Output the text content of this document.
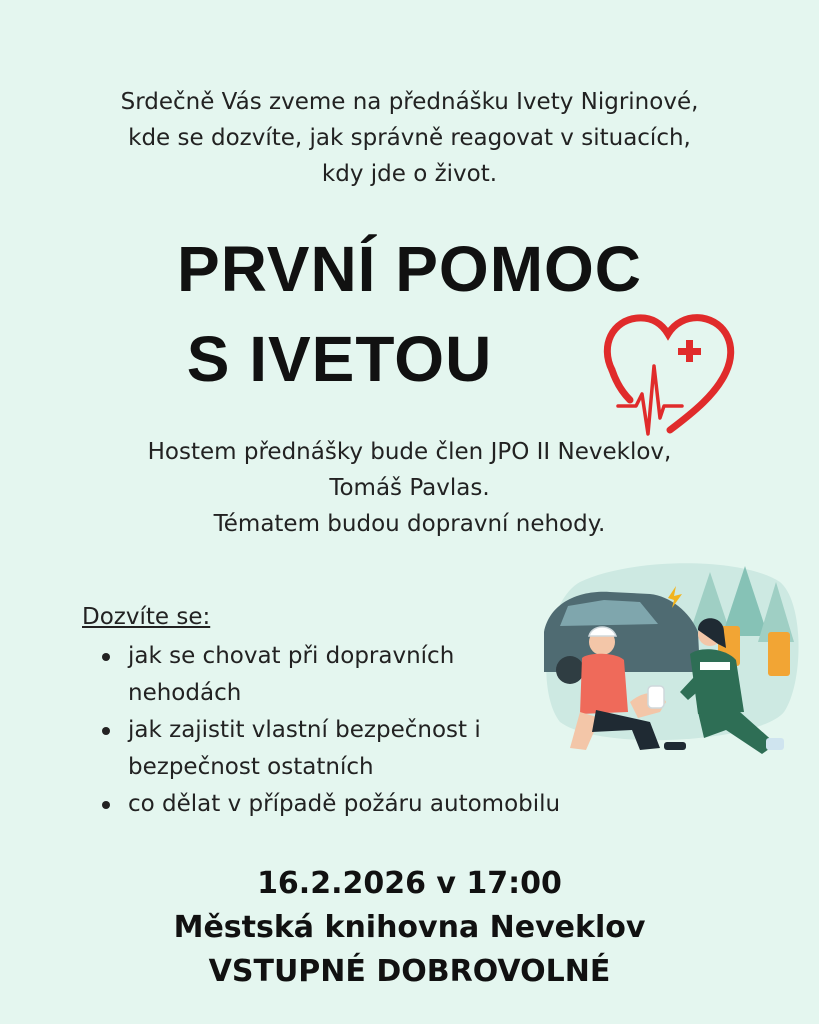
Srdečně Vás zveme na přednášku Ivety Nigrinové,
kde se dozvíte, jak správně reagovat v situacích,
kdy jde o život.
PRVNÍ POMOC
S IVETOU
Hostem přednášky bude člen JPO II Neveklov,
Tomáš Pavlas.
Tématem budou dopravní nehody.
Dozvíte se:
jak se chovat při dopravních
nehodách
jak zajistit vlastní bezpečnost i
bezpečnost ostatních
co dělat v případě požáru automobilu
16.2.2026 v 17:00
Městská knihovna Neveklov
VSTUPNÉ DOBROVOLNÉ
